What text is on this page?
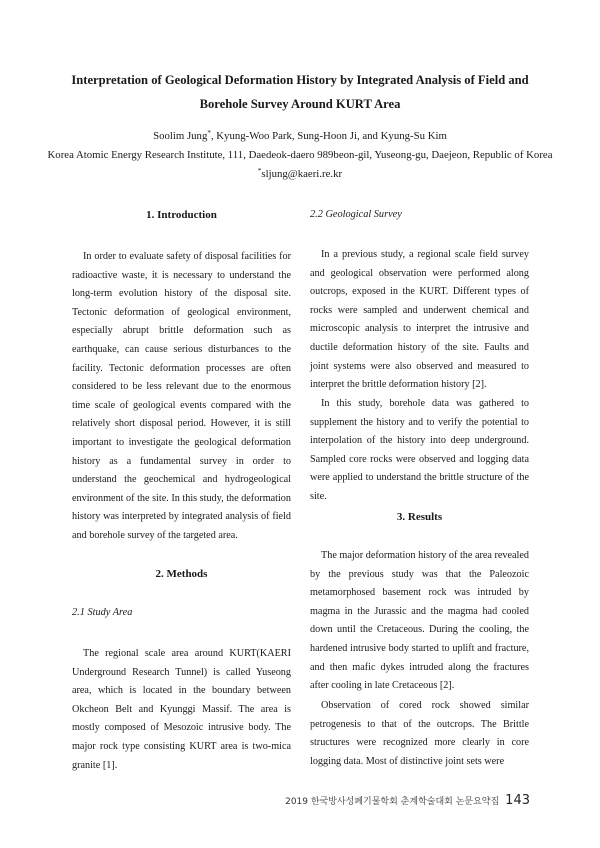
Interpretation of Geological Deformation History by Integrated Analysis of Field and
Borehole Survey Around KURT Area
Soolim Jung*, Kyung-Woo Park, Sung-Hoon Ji, and Kyung-Su Kim
Korea Atomic Energy Research Institute, 111, Daedeok-daero 989beon-gil, Yuseong-gu, Daejeon, Republic of Korea
*sljung@kaeri.re.kr
1. Introduction

In order to evaluate safety of disposal facilities for radioactive waste, it is necessary to understand the long-term evolution history of the disposal site. Tectonic deformation of geological environment, especially abrupt brittle deformation such as earthquake, can cause serious disturbances to the facility. Tectonic deformation processes are often considered to be less relevant due to the enormous time scale of geological events compared with the relatively short disposal period. However, it is still important to investigate the geological deformation history as a fundamental survey in order to understand the geochemical and hydrogeological environment of the site. In this study, the deformation history was interpreted by integrated analysis of field and borehole survey of the targeted area.

2. Methods
2.1 Study Area

The regional scale area around KURT(KAERI Underground Research Tunnel) is called Yuseong area, which is located in the boundary between Okcheon Belt and Kyunggi Massif. The area is mostly composed of Mesozoic intrusive body. The major rock type consisting KURT area is two-mica granite [1].

2.2 Geological Survey

In a previous study, a regional scale field survey and geological observation were performed along outcrops, exposed in the KURT. Different types of rocks were sampled and underwent chemical and microscopic analysis to interpret the intrusive and ductile deformation history of the site. Faults and joint systems were also observed and measured to interpret the brittle deformation history [2].

In this study, borehole data was gathered to supplement the history and to verify the potential to interpolation of the history into deep underground. Sampled core rocks were observed and logging data were applied to understand the brittle structure of the site.

3. Results

The major deformation history of the area revealed by the previous study was that the Paleozoic metamorphosed basement rock was intruded by magma in the Jurassic and the magma had cooled down until the Cretaceous. During the cooling, the hardened intrusive body started to uplift and fracture, and then mafic dykes intruded along the fractures after cooling in late Cretaceous [2].

Observation of cored rock showed similar petrogenesis to that of the outcrops. The Brittle structures were recognized more clearly in core logging data. Most of distinctive joint sets were

2019 한국방사성폐기물학회 춘계학술대회 논문요약집 143
